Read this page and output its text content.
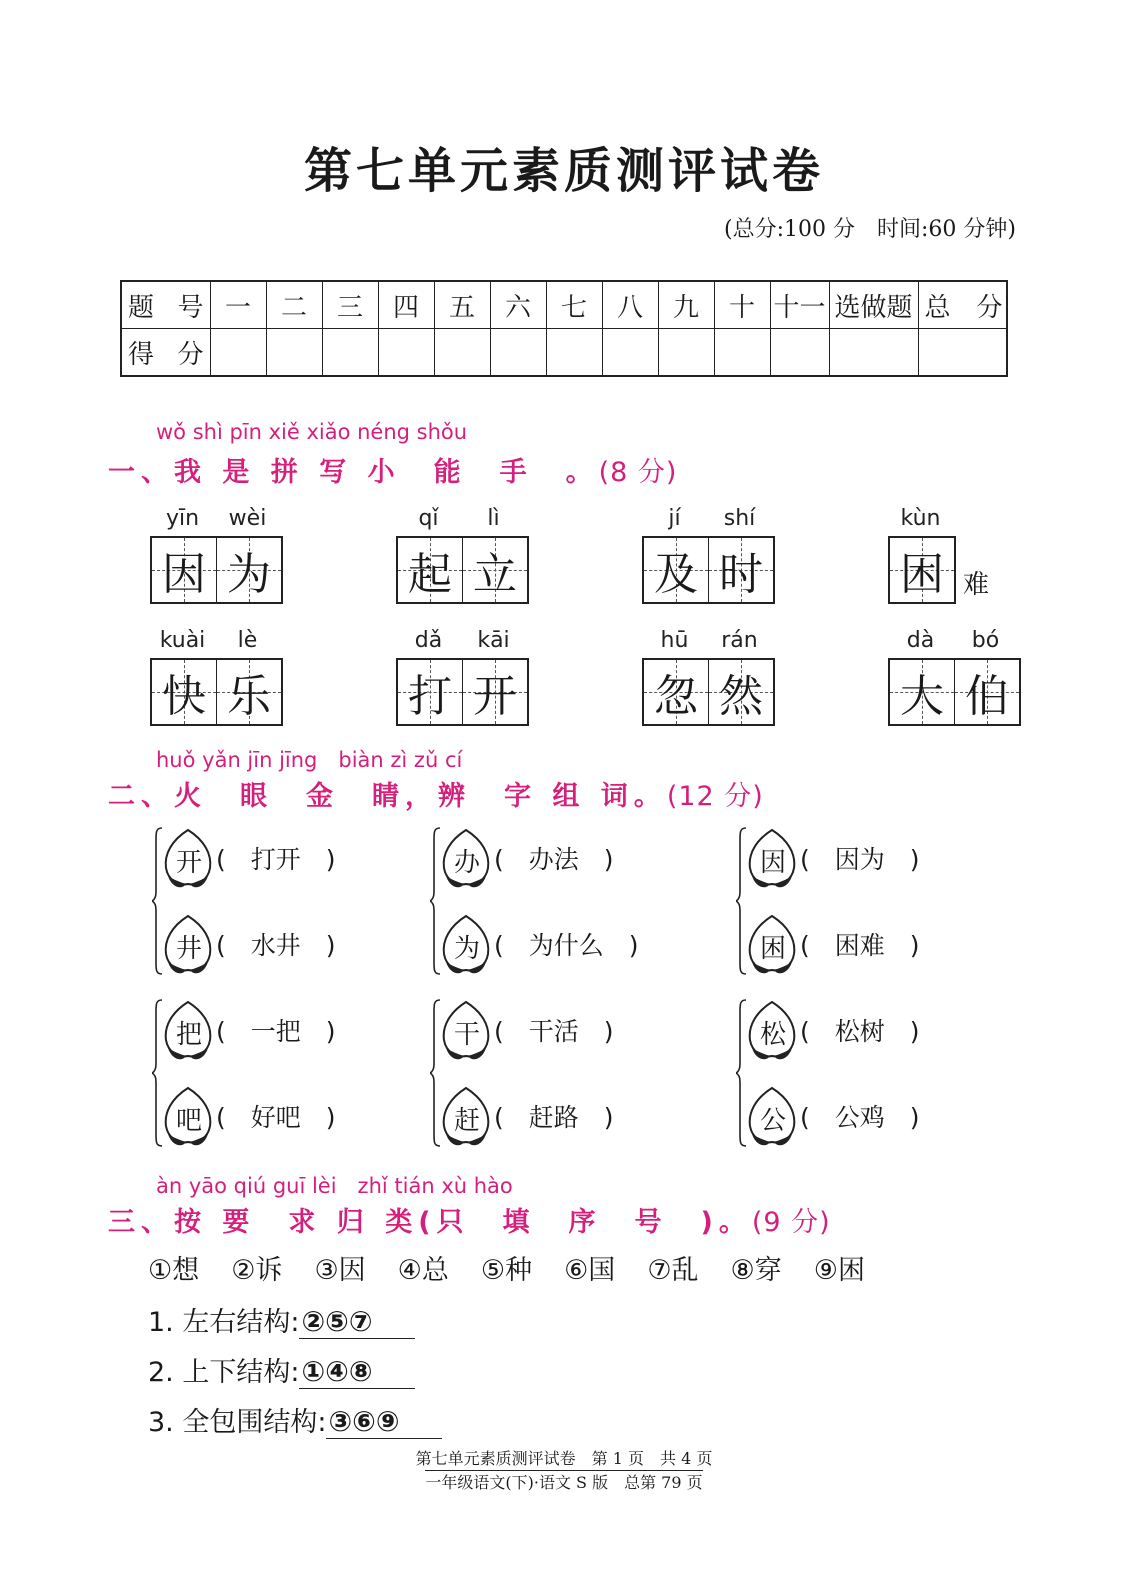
第七单元素质测评试卷
(总分:100 分　时间:60 分钟)
题 号	一	二	三	四	五	六	七	八	九	十	十一	选做题	总　分
得 分													
wǒ shì pīn xiě xiǎo néng shǒu
一、我 是 拼 写 小　能　手　。(8 分)
yīn	wèi
因 为
qǐ	lì
起 立
jí	shí
及 时
kùn
困 难
kuài	lè
快 乐
dǎ	kāi
打 开
hū	rán
忽 然
dà	bó
大 伯
huǒ yǎn jīn jīng　biàn zì zǔ cí
二、火　眼　金　睛，辨　字 组 词。(12 分)
开 (　打开　)
井 (　水井　)
办 (　办法　)
为 (　为什么　)
因 (　因为　)
困 (　困难　)
把 (　一把　)
吧 (　好吧　)
干 (　干活　)
赶 (　赶路　)
松 (　松树　)
公 (　公鸡　)
àn yāo qiú guī lèi　zhǐ tián xù hào
三、按 要　求 归 类(只　填　序　号　)。(9 分)
①想 ②诉 ③因 ④总 ⑤种 ⑥国 ⑦乱 ⑧穿 ⑨困
1. 左右结构:②⑤⑦
2. 上下结构:①④⑧
3. 全包围结构:③⑥⑨
第七单元素质测评试卷　第 1 页　共 4 页
一年级语文(下)·语文 S 版　总第 79 页
